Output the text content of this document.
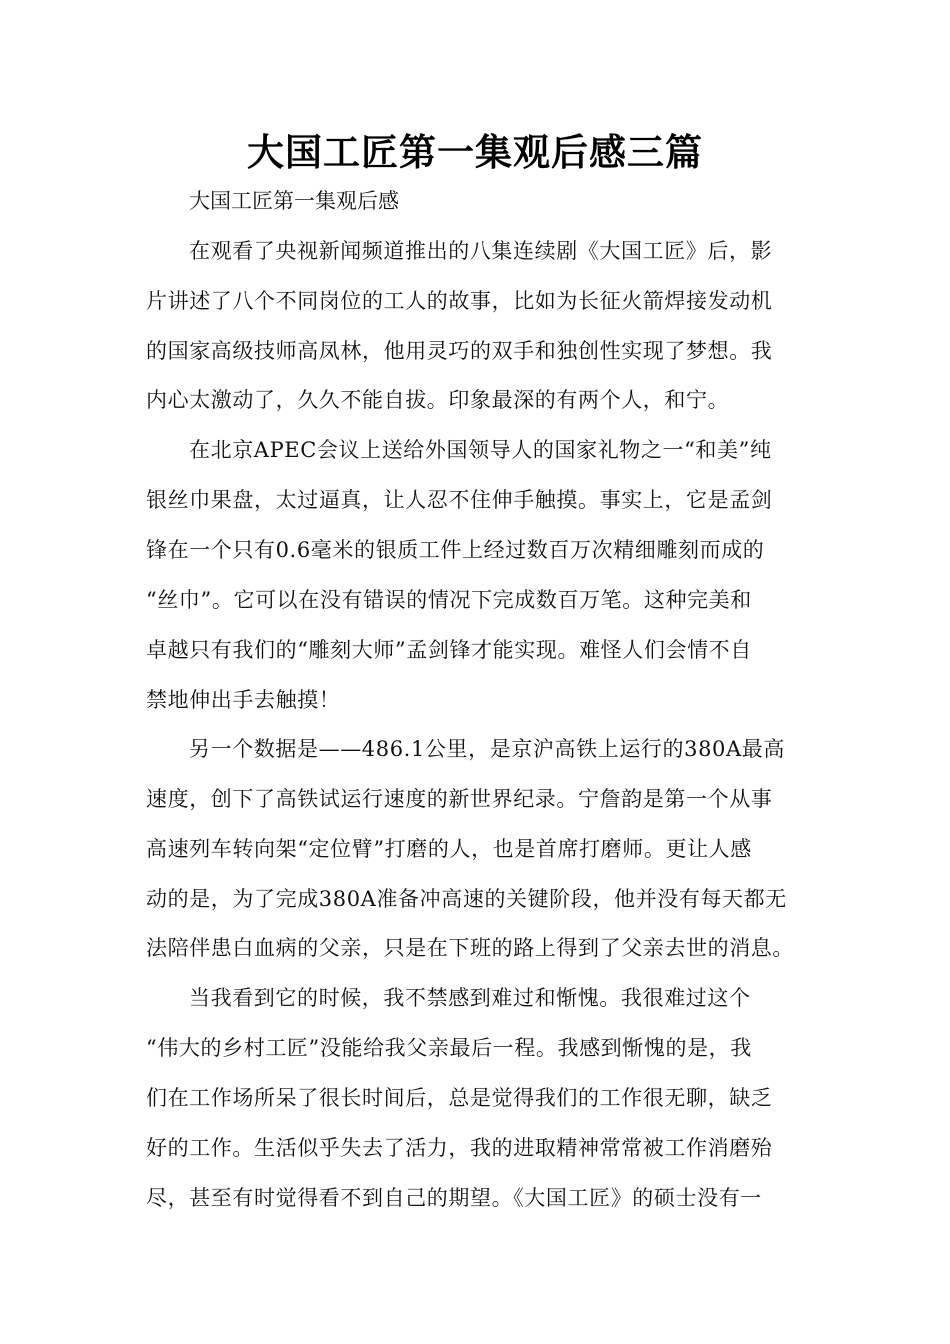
大国工匠第一集观后感三篇
大国工匠第一集观后感
在观看了央视新闻频道推出的八集连续剧《大国工匠》后，影
片讲述了八个不同岗位的工人的故事，比如为长征火箭焊接发动机
的国家高级技师高凤林，他用灵巧的双手和独创性实现了梦想。我
内心太激动了，久久不能自拔。印象最深的有两个人，和宁。
在北京APEC会议上送给外国领导人的国家礼物之一“和美”纯
银丝巾果盘，太过逼真，让人忍不住伸手触摸。事实上，它是孟剑
锋在一个只有0.6毫米的银质工件上经过数百万次精细雕刻而成的
“丝巾”。它可以在没有错误的情况下完成数百万笔。这种完美和
卓越只有我们的“雕刻大师”孟剑锋才能实现。难怪人们会情不自
禁地伸出手去触摸！
另一个数据是——486.1公里，是京沪高铁上运行的380A最高
速度，创下了高铁试运行速度的新世界纪录。宁詹韵是第一个从事
高速列车转向架“定位臂”打磨的人，也是首席打磨师。更让人感
动的是，为了完成380A准备冲高速的关键阶段，他并没有每天都无
法陪伴患白血病的父亲，只是在下班的路上得到了父亲去世的消息。
当我看到它的时候，我不禁感到难过和惭愧。我很难过这个
“伟大的乡村工匠”没能给我父亲最后一程。我感到惭愧的是，我
们在工作场所呆了很长时间后，总是觉得我们的工作很无聊，缺乏
好的工作。生活似乎失去了活力，我的进取精神常常被工作消磨殆
尽，甚至有时觉得看不到自己的期望。《大国工匠》的硕士没有一
